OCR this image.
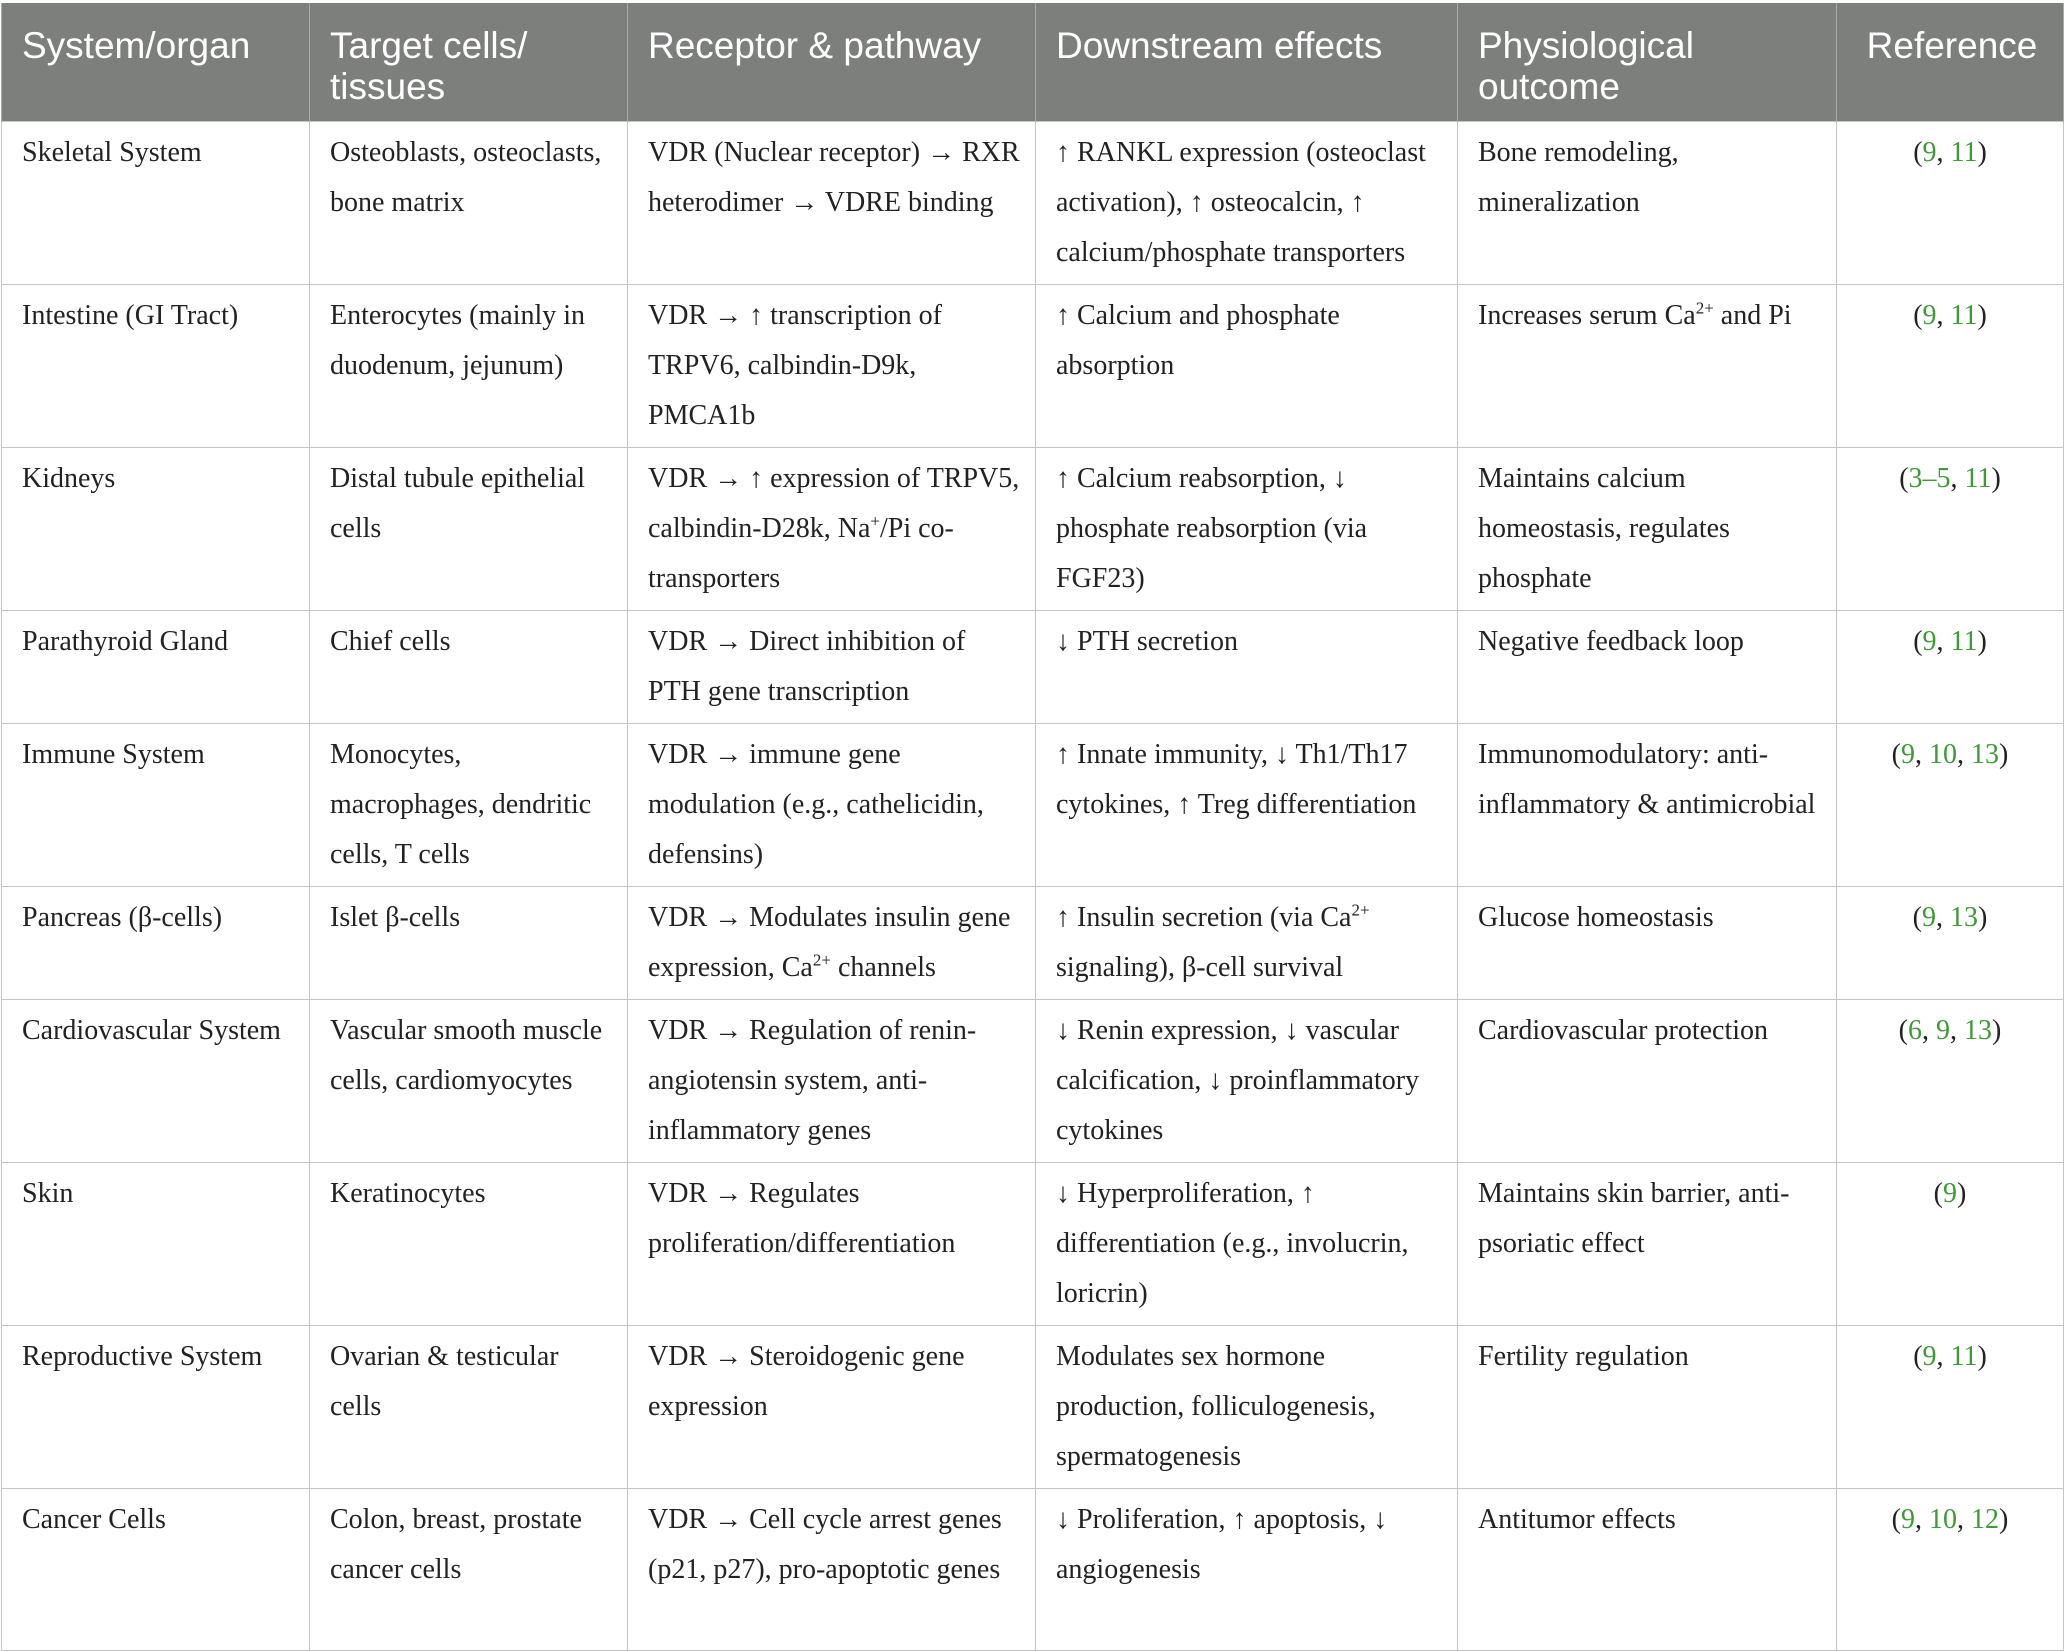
System/organ	Target cells/ tissues	Receptor & pathway	Downstream effects	Physiological outcome	Reference
Skeletal System	Osteoblasts, osteoclasts, bone matrix	VDR (Nuclear receptor) → RXR heterodimer → VDRE binding	↑ RANKL expression (osteoclast activation), ↑ osteocalcin, ↑ calcium/phosphate transporters	Bone remodeling, mineralization	(9, 11)
Intestine (GI Tract)	Enterocytes (mainly in duodenum, jejunum)	VDR → ↑ transcription of TRPV6, calbindin-D9k, PMCA1b	↑ Calcium and phosphate absorption	Increases serum $Ca^{2+}$ and Pi	(9, 11)
Kidneys	Distal tubule epithelial cells	VDR → ↑ expression of TRPV5, calbindin-D28k, Na+/Pi co-transporters	↑ Calcium reabsorption, ↓ phosphate reabsorption (via FGF23)	Maintains calcium homeostasis, regulates phosphate	(3–5, 11)
Parathyroid Gland	Chief cells	VDR → Direct inhibition of PTH gene transcription	↓ PTH secretion	Negative feedback loop	(9, 11)
Immune System	Monocytes, macrophages, dendritic cells, T cells	VDR → immune gene modulation (e.g., cathelicidin, defensins)	↑ Innate immunity, ↓ Th1/Th17 cytokines, ↑ Treg differentiation	Immunomodulatory: anti-inflammatory & antimicrobial	(9, 10, 13)
Pancreas (β-cells)	Islet β-cells	VDR → Modulates insulin gene expression, $Ca^{2+}$ channels	↑ Insulin secretion (via $Ca^{2+}$ signaling), β-cell survival	Glucose homeostasis	(9, 13)
Cardiovascular System	Vascular smooth muscle cells, cardiomyocytes	VDR → Regulation of renin-angiotensin system, anti-inflammatory genes	↓ Renin expression, ↓ vascular calcification, ↓ proinflammatory cytokines	Cardiovascular protection	(6, 9, 13)
Skin	Keratinocytes	VDR → Regulates proliferation/differentiation	↓ Hyperproliferation, ↑ differentiation (e.g., involucrin, loricrin)	Maintains skin barrier, anti-psoriatic effect	(9)
Reproductive System	Ovarian & testicular cells	VDR → Steroidogenic gene expression	Modulates sex hormone production, folliculogenesis, spermatogenesis	Fertility regulation	(9, 11)
Cancer Cells	Colon, breast, prostate cancer cells	VDR → Cell cycle arrest genes (p21, p27), pro-apoptotic genes	↓ Proliferation, ↑ apoptosis, ↓ angiogenesis	Antitumor effects	(9, 10, 12)
